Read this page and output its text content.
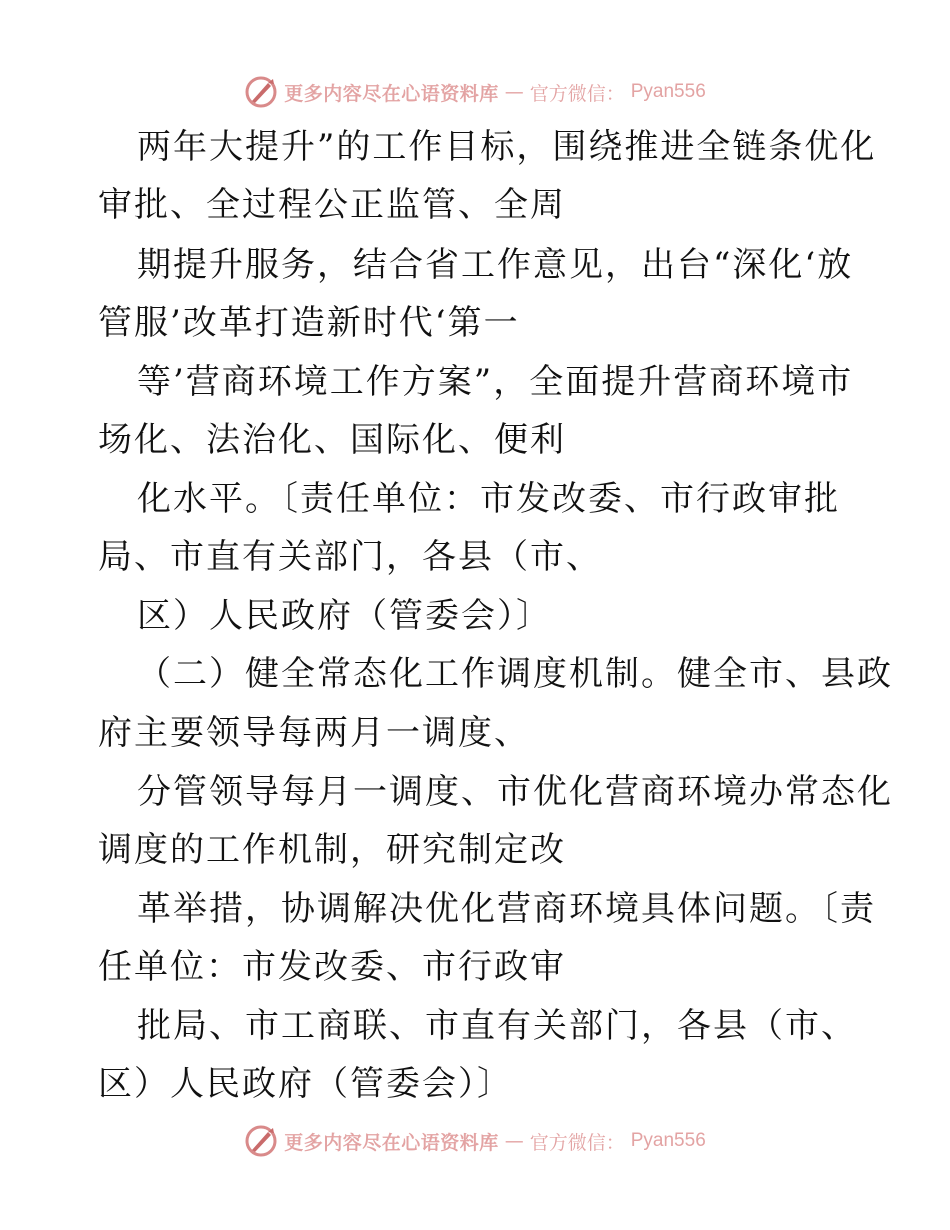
更多内容尽在心语资料库 — 官方微信： Pyan556
两年大提升”的工作目标，围绕推进全链条优化
审批、全过程公正监管、全周
期提升服务，结合省工作意见，出台“深化‘放
管服’改革打造新时代‘第一
等’营商环境工作方案”，全面提升营商环境市
场化、法治化、国际化、便利
化水平。〔责任单位：市发改委、市行政审批
局、市直有关部门，各县（市、
区）人民政府（管委会）〕
（二）健全常态化工作调度机制。健全市、县政
府主要领导每两月一调度、
分管领导每月一调度、市优化营商环境办常态化
调度的工作机制，研究制定改
革举措，协调解决优化营商环境具体问题。〔责
任单位：市发改委、市行政审
批局、市工商联、市直有关部门，各县（市、
区）人民政府（管委会）〕
更多内容尽在心语资料库 — 官方微信： Pyan556
